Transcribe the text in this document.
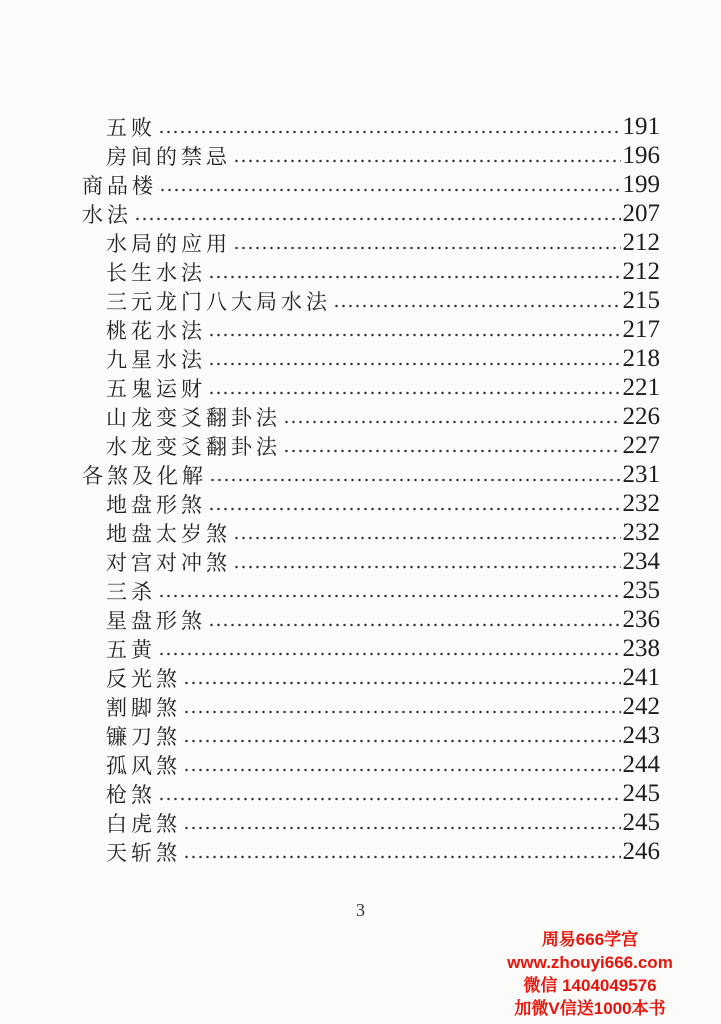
五败	191
房间的禁忌	196
商品楼	199
水法	207
水局的应用	212
长生水法	212
三元龙门八大局水法	215
桃花水法	217
九星水法	218
五鬼运财	221
山龙变爻翻卦法	226
水龙变爻翻卦法	227
各煞及化解	231
地盘形煞	232
地盘太岁煞	232
对宫对冲煞	234
三杀	235
星盘形煞	236
五黄	238
反光煞	241
割脚煞	242
镰刀煞	243
孤风煞	244
枪煞	245
白虎煞	245
天斩煞	246
3
周易666学宫
www.zhouyi666.com
微信 1404049576
加微V信送1000本书
